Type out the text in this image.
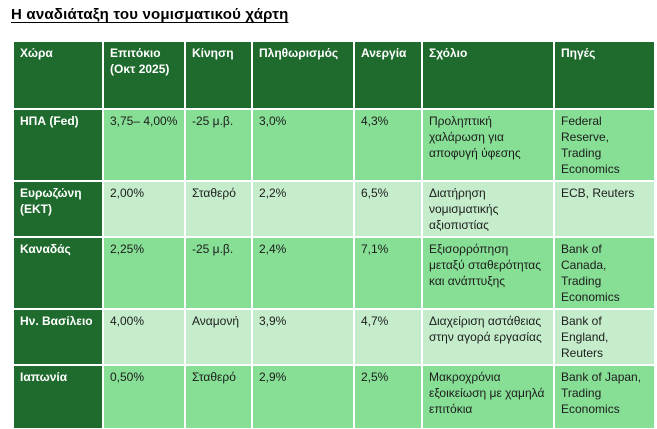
Η αναδιάταξη του νομισματικού χάρτη
Χώρα	Επιτόκιο (Οκτ 2025)	Κίνηση	Πληθωρισμός	Ανεργία	Σχόλιο	Πηγές
ΗΠΑ (Fed)	3,75– 4,00%	-25 μ.β.	3,0%	4,3%	Προληπτική χαλάρωση για αποφυγή ύφεσης	Federal Reserve, Trading Economics
Ευρωζώνη (ΕΚΤ)	2,00%	Σταθερό	2,2%	6,5%	Διατήρηση νομισματικής αξιοπιστίας	ECB, Reuters
Καναδάς	2,25%	-25 μ.β.	2,4%	7,1%	Εξισορρόπηση μεταξύ σταθερότητας και ανάπτυξης	Bank of Canada, Trading Economics
Ην. Βασίλειο	4,00%	Αναμονή	3,9%	4,7%	Διαχείριση αστάθειας στην αγορά εργασίας	Bank of England, Reuters
Ιαπωνία	0,50%	Σταθερό	2,9%	2,5%	Μακροχρόνια εξοικείωση με χαμηλά επιτόκια	Bank of Japan, Trading Economics
